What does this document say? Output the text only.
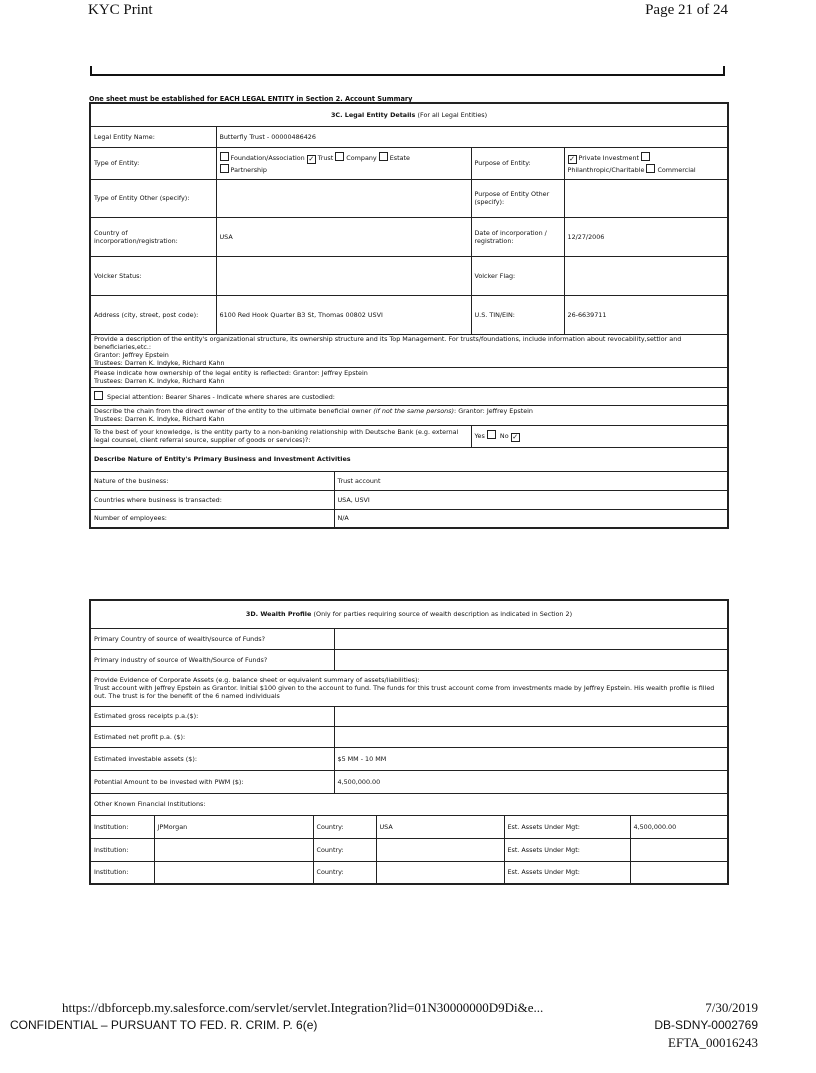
KYC Print	Page 21 of 24
One sheet must be established for EACH LEGAL ENTITY in Section 2. Account Summary
3C. Legal Entity Details (For all Legal Entities)				
Legal Entity Name:	Butterfly Trust - 00000486426			
Type of Entity:	Foundation/Association ✓ Trust Company Estate
Partnership		Purpose of Entity:	✓ Private Investment
Philanthropic/Charitable Commercial
Type of Entity Other (specify):			Purpose of Entity Other (specify):	
Country of incorporation/registration:	USA		Date of incorporation / registration:	12/27/2006
Volcker Status:			Volcker Flag:	
Address (city, street, post code):	6100 Red Hook Quarter B3 St, Thomas 00802 USVI		U.S. TIN/EIN:	26-6639711

Provide a description of the entity's organizational structure, its ownership structure and its Top Management. For trusts/foundations, include information about revocability,settlor and beneficiaries,etc.:
Grantor: Jeffrey Epstein
Trustees: Darren K. Indyke, Richard Kahn				

Please indicate how ownership of the legal entity is reflected: Grantor: Jeffrey Epstein
Trustees: Darren K. Indyke, Richard Kahn				

Special attention: Bearer Shares - Indicate where shares are custodied:				

Describe the chain from the direct owner of the entity to the ultimate beneficial owner (if not the same persons): Grantor: Jeffrey Epstein
Trustees: Darren K. Indyke, Richard Kahn				

To the best of your knowledge, is the entity party to a non-banking relationship with Deutsche Bank (e.g. external legal counsel, client referral source, supplier of goods or services)?:			Yes No ✓	
Describe Nature of Entity's Primary Business and Investment Activities				
Nature of the business:		Trust account		
Countries where business is transacted:		USA, USVI		
Number of employees:		N/A		
3D. Wealth Profile (Only for parties requiring source of wealth description as indicated in Section 2)						
Primary Country of source of wealth/source of Funds?						
Primary industry of source of Wealth/Source of Funds?						

Provide Evidence of Corporate Assets (e.g. balance sheet or equivalent summary of assets/liabilities):
Trust account with Jeffrey Epstein as Grantor. Initial $100 given to the account to fund. The funds for this trust account come from investments made by Jeffrey Epstein. His wealth profile is filled out. The trust is for the benefit of the 6 named individuals						

Estimated gross receipts p.a.($):						
Estimated net profit p.a. ($):						
Estimated investable assets ($):			$5 MM - 10 MM			
Potential Amount to be invested with PWM ($):			4,500,000.00			
Other Known Financial Institutions:						
Institution:	JPMorgan	Country:		USA	Est. Assets Under Mgt:	4,500,000.00
Institution:		Country:			Est. Assets Under Mgt:	
Institution:		Country:			Est. Assets Under Mgt:	
https://dbforcepb.my.salesforce.com/servlet/servlet.Integration?lid=01N30000000D9Di&e...	7/30/2019
CONFIDENTIAL – PURSUANT TO FED. R. CRIM. P. 6(e)	DB-SDNY-0002769
EFTA_00016243
